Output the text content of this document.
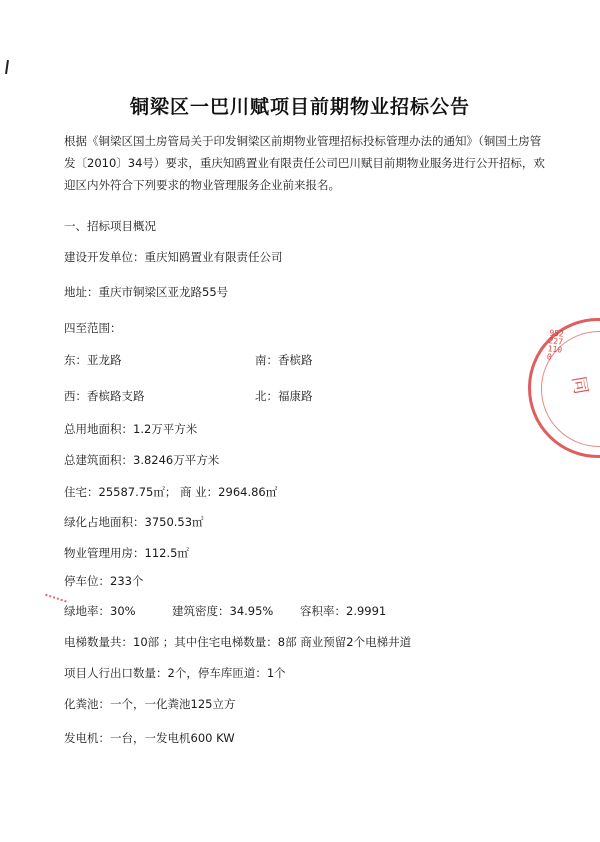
铜梁区一巴川赋项目前期物业招标公告
根据《铜梁区国土房管局关于印发铜梁区前期物业管理招标投标管理办法的通知》（铜国土房管发〔2010〕34号）要求，重庆知鸥置业有限责任公司巴川赋目前期物业服务进行公开招标，欢迎区内外符合下列要求的物业管理服务企业前来报名。
一、招标项目概况
建设开发单位：重庆知鸥置业有限责任公司
地址：重庆市铜梁区亚龙路55号
四至范围：
东：亚龙路	南：香槟路
西：香槟路支路	北：福康路
总用地面积：1.2万平方米
总建筑面积：3.8246万平方米
住宅：25587.75㎡； 商 业：2964.86㎡
绿化占地面积：3750.53㎡
物业管理用房：112.5㎡
停车位：233个
绿地率：30%	建筑密度：34.95% 容积率：2.9991
电梯数量共：10部 ；其中住宅电梯数量：8部 商业预留2个电梯井道
项目人行出口数量：2个，停车库匝道：1个
化粪池：一个，一化粪池125立方
发电机：一台，一发电机600 KW
9522271100
同
